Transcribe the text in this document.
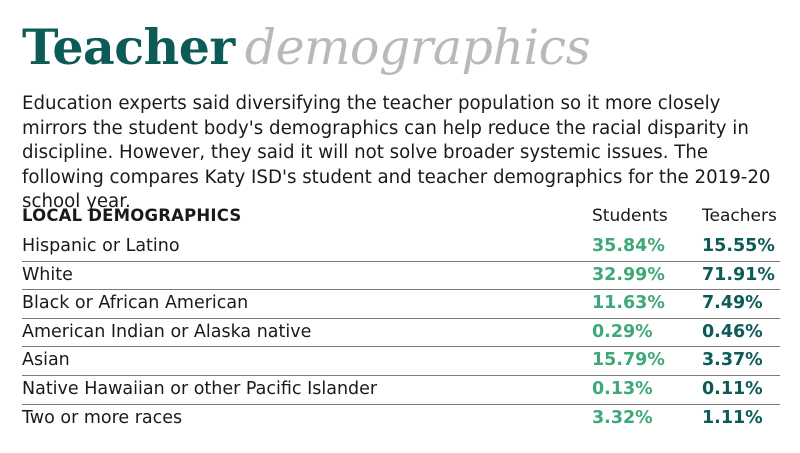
Teacher demographics
Education experts said diversifying the teacher population so it more closely mirrors the student body's demographics can help reduce the racial disparity in discipline. However, they said it will not solve broader systemic issues. The following compares Katy ISD's student and teacher demographics for the 2019-20 school year.
LOCAL DEMOGRAPHICS	Students Teachers
Hispanic or Latino	35.84% 15.55%
White	32.99% 71.91%
Black or African American	11.63% 7.49%
American Indian or Alaska native	0.29%	0.46%
Asian	15.79% 3.37%
Native Hawaiian or other Pacific Islander	0.13%	0.11%
Two or more races	3.32%	1.11%
